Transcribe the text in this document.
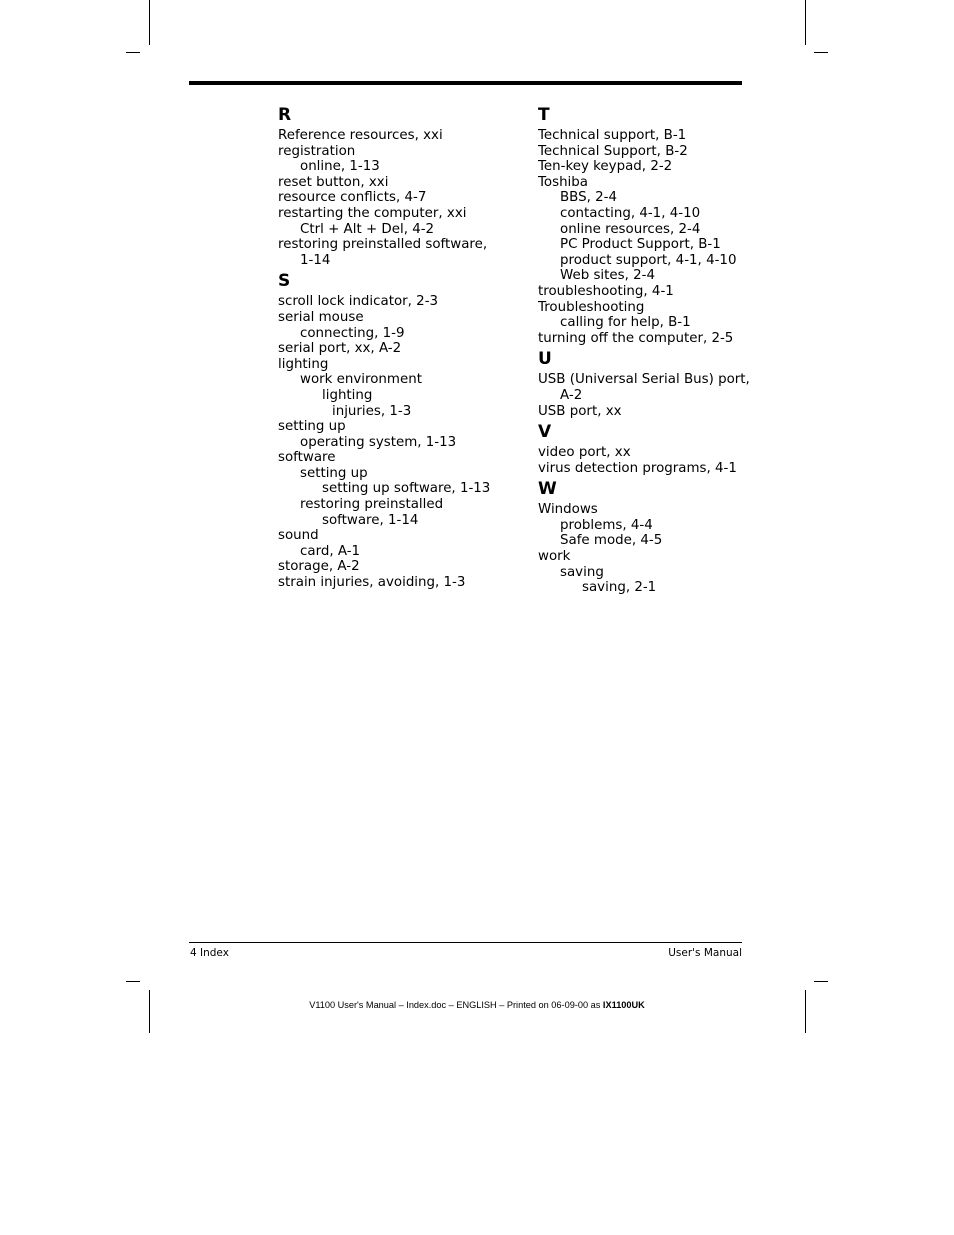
R
Reference resources, xxi
registration
online, 1-13
reset button, xxi
resource conflicts, 4-7
restarting the computer, xxi
Ctrl + Alt + Del, 4-2
restoring preinstalled software,
1-14
S
scroll lock indicator, 2-3
serial mouse
connecting, 1-9
serial port, xx, A-2
lighting
work environment
lighting
injuries, 1-3
setting up
operating system, 1-13
software
setting up
setting up software, 1-13
restoring preinstalled
software, 1-14
sound
card, A-1
storage, A-2
strain injuries, avoiding, 1-3
T
Technical support, B-1
Technical Support, B-2
Ten-key keypad, 2-2
Toshiba
BBS, 2-4
contacting, 4-1, 4-10
online resources, 2-4
PC Product Support, B-1
product support, 4-1, 4-10
Web sites, 2-4
troubleshooting, 4-1
Troubleshooting
calling for help, B-1
turning off the computer, 2-5
U
USB (Universal Serial Bus) port,
A-2
USB port, xx
V
video port, xx
virus detection programs, 4-1
W
Windows
problems, 4-4
Safe mode, 4-5
work
saving
saving, 2-1
4 Index	User's Manual
V1100 User's Manual – Index.doc – ENGLISH – Printed on 06-09-00 as IX1100UK
